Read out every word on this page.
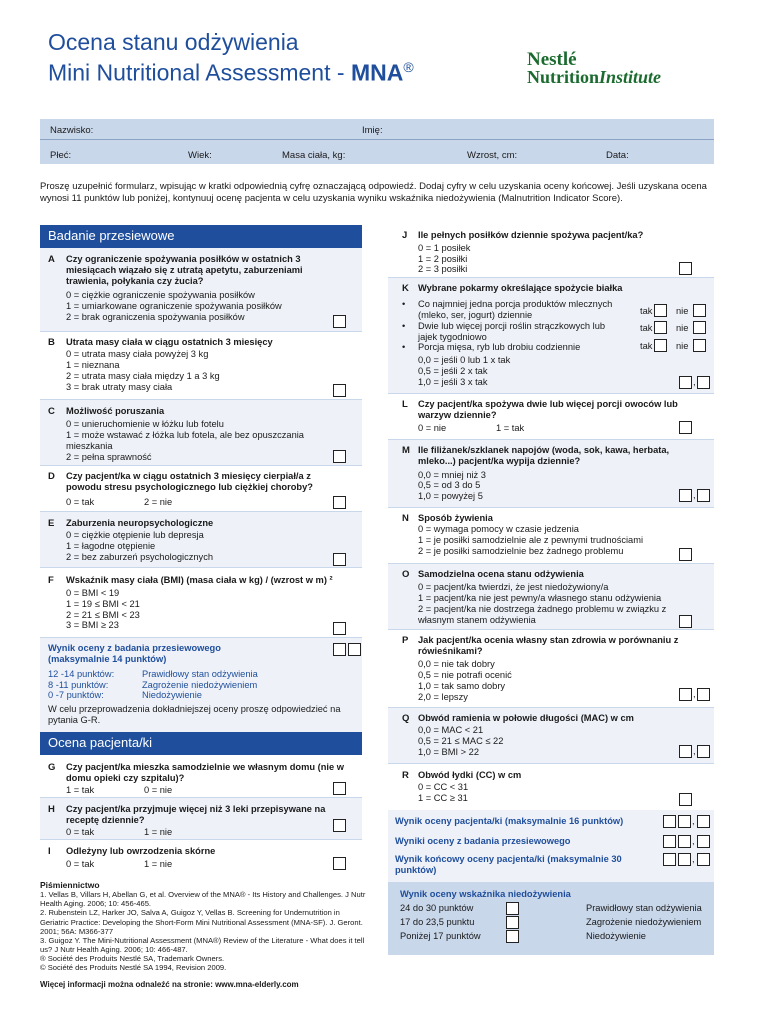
Ocena stanu odżywienia
Mini Nutritional Assessment - MNA®	Nestlé
NutritionInstitute
Nazwisko:	Imię:
Płeć:	Wiek:	Masa ciała, kg:	Wzrost, cm:	Data:
Proszę uzupełnić formularz, wpisując w kratki odpowiednią cyfrę oznaczającą odpowiedź. Dodaj cyfry w celu uzyskania oceny końcowej. Jeśli uzyskana ocena wynosi 11 punktów lub poniżej, kontynuuj ocenę pacjenta w celu uzyskania wyniku wskaźnika niedożywienia (Malnutrition Indicator Score).
Badanie przesiewowe
A Czy ograniczenie spożywania posiłków w ostatnich 3 miesiącach wiązało się z utratą apetytu, zaburzeniami trawienia, połykania czy żucia?
0 = ciężkie ograniczenie spożywania posiłków
1 = umiarkowane ograniczenie spożywania posiłków
2 = brak ograniczenia spożywania posiłków
B Utrata masy ciała w ciągu ostatnich 3 miesięcy
0 = utrata masy ciała powyżej 3 kg
1 = nieznana
2 = utrata masy ciała między 1 a 3 kg
3 = brak utraty masy ciała
C Możliwość poruszania
0 = unieruchomienie w łóżku lub fotelu
1 = może wstawać z łóżka lub fotela, ale bez opuszczania mieszkania
2 = pełna sprawność
D Czy pacjent/ka w ciągu ostatnich 3 miesięcy cierpiał/a z powodu stresu psychologicznego lub ciężkiej choroby?
0 = tak	2 = nie
E Zaburzenia neuropsychologiczne
0 = ciężkie otępienie lub depresja
1 = łagodne otępienie
2 = bez zaburzeń psychologicznych
F Wskaźnik masy ciała (BMI) (masa ciała w kg) / (wzrost w m) ²
0 = BMI < 19
1 = 19 ≤ BMI < 21
2 = 21 ≤ BMI < 23
3 = BMI ≥ 23
Wynik oceny z badania przesiewowego
(maksymalnie 14 punktów)
12 -14 punktów:	Prawidłowy stan odżywienia
8 -11 punktów:	Zagrożenie niedożywieniem
0 -7 punktów:	Niedożywienie
W celu przeprowadzenia dokładniejszej oceny proszę odpowiedzieć na pytania G-R.
Ocena pacjenta/ki
G Czy pacjent/ka mieszka samodzielnie we własnym domu (nie w domu opieki czy szpitalu)?
1 = tak	0 = nie
H Czy pacjent/ka przyjmuje więcej niż 3 leki przepisywane na receptę dziennie?
0 = tak	1 = nie
I Odleżyny lub owrzodzenia skórne
0 = tak	1 = nie
Piśmiennictwo
1. Vellas B, Villars H, Abellan G, et al. Overview of the MNA® - Its History and Challenges. J Nutr Health Aging. 2006; 10: 456-465.
2. Rubenstein LZ, Harker JO, Salva A, Guigoz Y, Vellas B. Screening for Undernutrition in Geriatric Practice: Developing the Short-Form Mini Nutritional Assessment (MNA-SF). J. Geront. 2001; 56A: M366-377
3. Guigoz Y. The Mini-Nutritional Assessment (MNA®) Review of the Literature - What does it tell us? J Nutr Health Aging. 2006; 10: 466-487.
® Société des Produits Nestlé SA, Trademark Owners.
© Société des Produits Nestlé SA 1994, Revision 2009.
Więcej informacji można odnaleźć na stronie: www.mna-elderly.com
J Ile pełnych posiłków dziennie spożywa pacjent/ka?
0 = 1 posiłek
1 = 2 posiłki
2 = 3 posiłki
K Wybrane pokarmy określające spożycie białka
• Co najmniej jedna porcja produktów mlecznych (mleko, ser, jogurt) dziennie
• Dwie lub więcej porcji roślin strączkowych lub jajek tygodniowo
• Porcja mięsa, ryb lub drobiu codziennie
tak	nie
tak	nie
tak	nie
0,0 = jeśli 0 lub 1 x tak
0,5 = jeśli 2 x tak
1,0 = jeśli 3 x tak	,
L Czy pacjent/ka spożywa dwie lub więcej porcji owoców lub warzyw dziennie?
0 = nie	1 = tak
M Ile filiżanek/szklanek napojów (woda, sok, kawa, herbata, mleko...) pacjent/ka wypija dziennie?
0,0 = mniej niż 3
0,5 = od 3 do 5
1,0 = powyżej 5	,
N Sposób żywienia
0 = wymaga pomocy w czasie jedzenia
1 = je posiłki samodzielnie ale z pewnymi trudnościami
2 = je posiłki samodzielnie bez żadnego problemu
O Samodzielna ocena stanu odżywienia
0 = pacjent/ka twierdzi, że jest niedożywiony/a
1 = pacjent/ka nie jest pewny/a własnego stanu odżywienia
2 = pacjent/ka nie dostrzega żadnego problemu w związku z własnym stanem odżywienia
P Jak pacjent/ka ocenia własny stan zdrowia w porównaniu z rówieśnikami?
0,0 = nie tak dobry
0,5 = nie potrafi ocenić
1,0 = tak samo dobry
2,0 = lepszy	,
Q Obwód ramienia w połowie długości (MAC) w cm
0,0 = MAC < 21
0,5 = 21 ≤ MAC ≤ 22
1,0 = BMI > 22	,
R Obwód łydki (CC) w cm
0 = CC < 31
1 = CC ≥ 31
Wynik oceny pacjenta/ki (maksymalnie 16 punktów)	,
Wyniki oceny z badania przesiewowego	,
Wynik końcowy oceny pacjenta/ki (maksymalnie 30 punktów)
,
Wynik oceny wskaźnika niedożywienia
24 do 30 punktów	Prawidłowy stan odżywienia
17 do 23,5 punktu	Zagrożenie niedożywieniem
Poniżej 17 punktów	Niedożywienie
